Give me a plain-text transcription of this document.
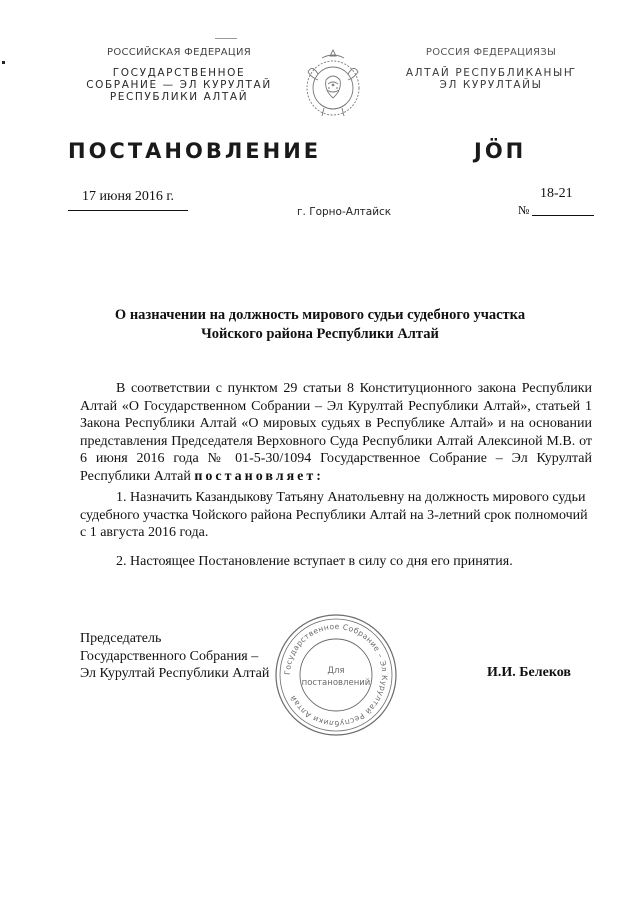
РОССИЙСКАЯ ФЕДЕРАЦИЯ
ГОСУДАРСТВЕННОЕ
СОБРАНИЕ — ЭЛ КУРУЛТАЙ
РЕСПУБЛИКИ АЛТАЙ
РОССИЯ ФЕДЕРАЦИЯЗЫ
АЛТАЙ РЕСПУБЛИКАНЫҤ
ЭЛ КУРУЛТАЙЫ
ПОСТАНОВЛЕНИЕ	ЈӦП
17 июня 2016 г.
г. Горно-Алтайск
18-21
№
О назначении на должность мирового судьи судебного участка
Чойского района Республики Алтай

В соответствии с пунктом 29 статьи 8 Конституционного закона Республики Алтай «О Государственном Собрании – Эл Курултай Республики Алтай», статьей 1 Закона Республики Алтай «О мировых судьях в Республике Алтай» и на основании представления Председателя Верховного Суда Республики Алтай Алексиной М.В. от 6 июня 2016 года № 01-5-30/1094 Государственное Собрание – Эл Курултай Республики Алтай постановляет:

1. Назначить Казандыкову Татьяну Анатольевну на должность мирового судьи судебного участка Чойского района Республики Алтай на 3-летний срок полномочий с 1 августа 2016 года.

2. Настоящее Постановление вступает в силу со дня его принятия.

Председатель
Государственного Собрания –
Эл Курултай Республики Алтай Государственное Собрание – Эл Курултай Республики Алтай
Для
постановлений
И.И. Белеков
